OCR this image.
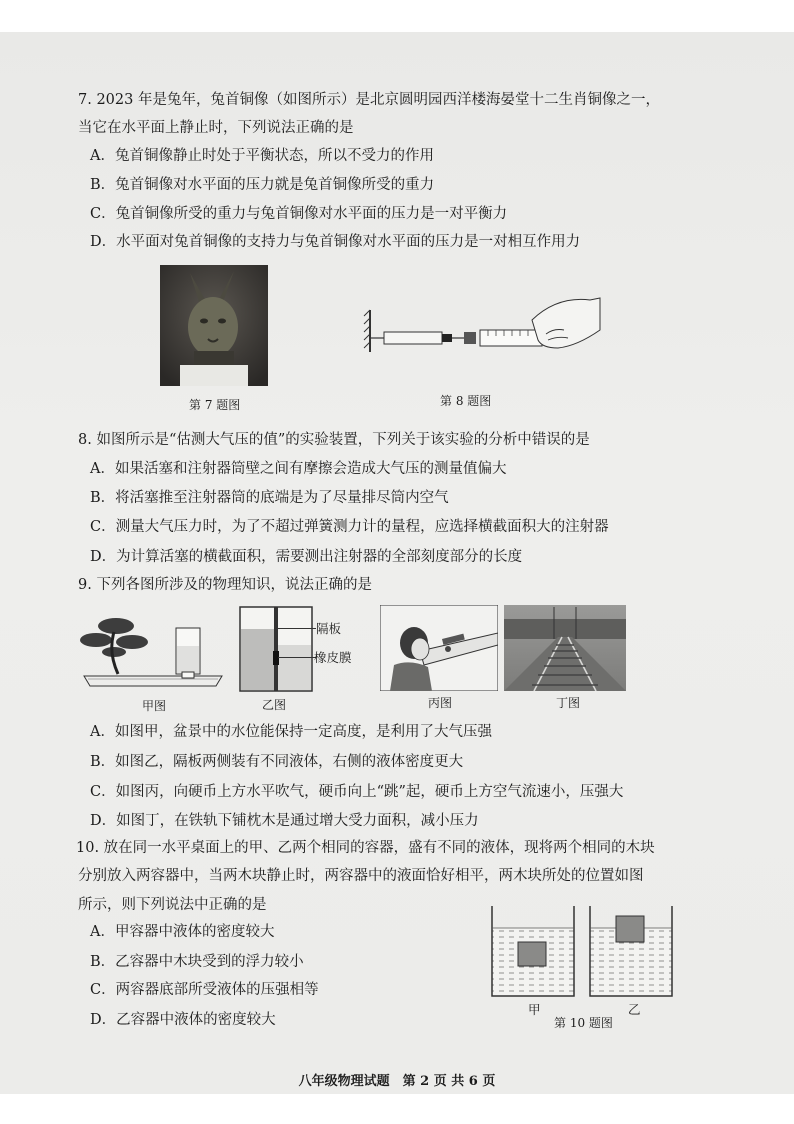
7. 2023 年是兔年，兔首铜像（如图所示）是北京圆明园西洋楼海晏堂十二生肖铜像之一，
当它在水平面上静止时，下列说法正确的是
A．兔首铜像静止时处于平衡状态，所以不受力的作用
B．兔首铜像对水平面的压力就是兔首铜像所受的重力
C．兔首铜像所受的重力与兔首铜像对水平面的压力是一对平衡力
D．水平面对兔首铜像的支持力与兔首铜像对水平面的压力是一对相互作用力
第 7 题图	第 8 题图
8. 如图所示是“估测大气压的值”的实验装置，下列关于该实验的分析中错误的是
A．如果活塞和注射器筒壁之间有摩擦会造成大气压的测量值偏大
B．将活塞推至注射器筒的底端是为了尽量排尽筒内空气
C．测量大气压力时，为了不超过弹簧测力计的量程，应选择横截面积大的注射器
D．为计算活塞的横截面积，需要测出注射器的全部刻度部分的长度
9. 下列各图所涉及的物理知识，说法正确的是
甲图
隔板
橡皮膜
乙图	丙图	丁图
A．如图甲，盆景中的水位能保持一定高度，是利用了大气压强
B．如图乙，隔板两侧装有不同液体，右侧的液体密度更大
C．如图丙，向硬币上方水平吹气，硬币向上“跳”起，硬币上方空气流速小，压强大
D．如图丁，在铁轨下铺枕木是通过增大受力面积，减小压力
10. 放在同一水平桌面上的甲、乙两个相同的容器，盛有不同的液体，现将两个相同的木块
分别放入两容器中，当两木块静止时，两容器中的液面恰好相平，两木块所处的位置如图
所示，则下列说法中正确的是
A．甲容器中液体的密度较大
B．乙容器中木块受到的浮力较小
C．两容器底部所受液体的压强相等
D．乙容器中液体的密度较大
甲	乙
第 10 题图
八年级物理试题　第 2 页 共 6 页
